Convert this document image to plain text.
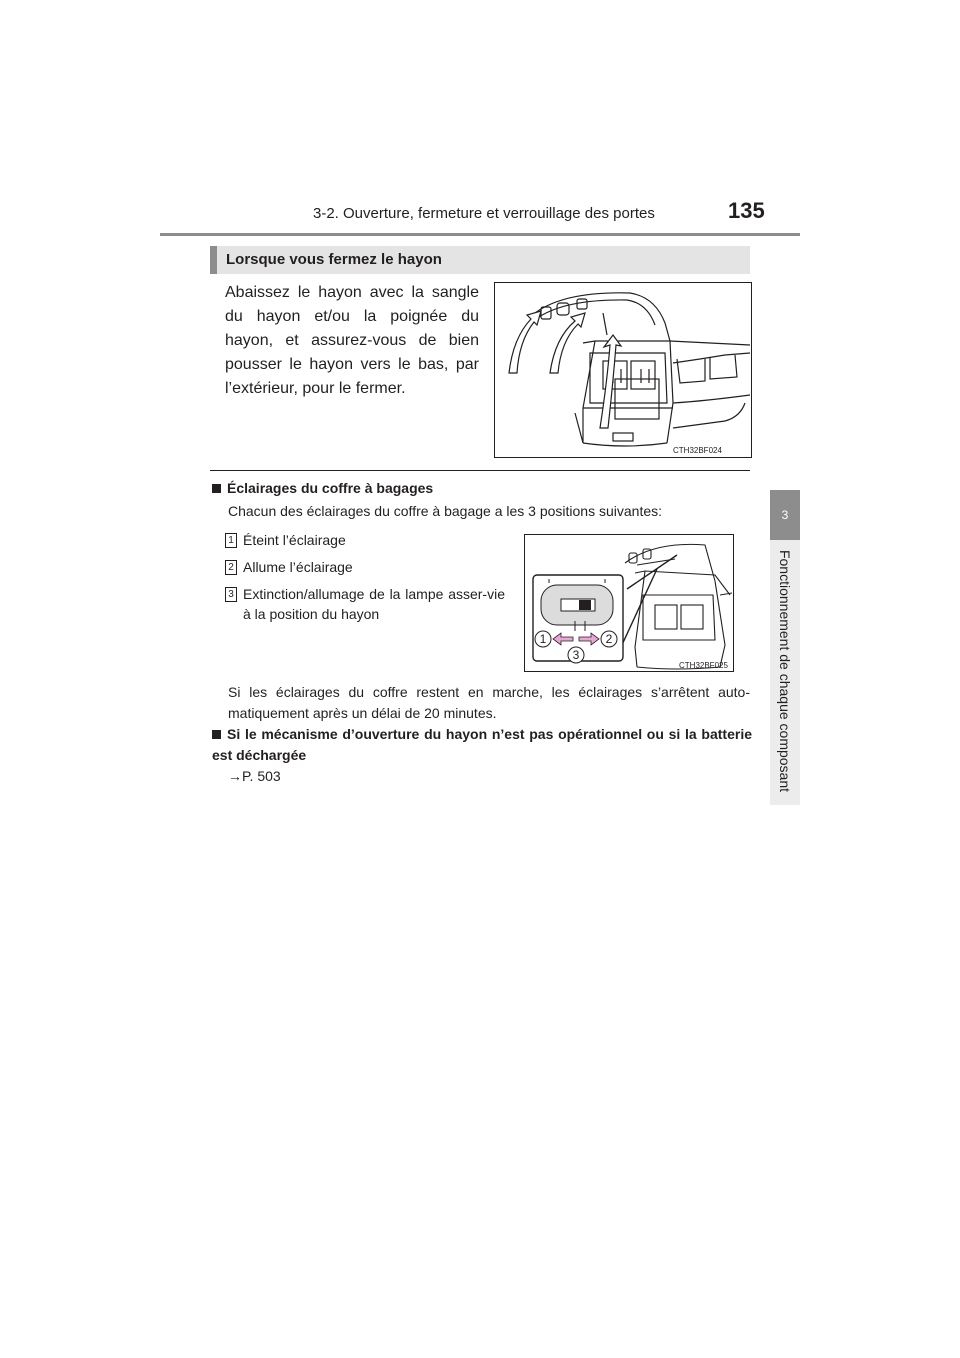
3-2. Ouverture, fermeture et verrouillage des portes	135
3
Fonctionnement de chaque composant
Lorsque vous fermez le hayon
Abaissez le hayon avec la sangle du hayon et/ou la poignée du hayon, et assurez-vous de bien pousser le hayon vers le bas, par l’extérieur, pour le fermer.
CTH32BF024
Éclairages du coffre à bagages
Chacun des éclairages du coffre à bagage a les 3 positions suivantes:
1 Éteint l’éclairage
2 Allume l’éclairage
3 Extinction/allumage de la lampe asser-vie à la position du hayon
1	2
3
CTH32BF025
Si les éclairages du coffre restent en marche, les éclairages s’arrêtent auto-matiquement après un délai de 20 minutes.
Si le mécanisme d’ouverture du hayon n’est pas opérationnel ou si la batterie est déchargée
→P. 503
